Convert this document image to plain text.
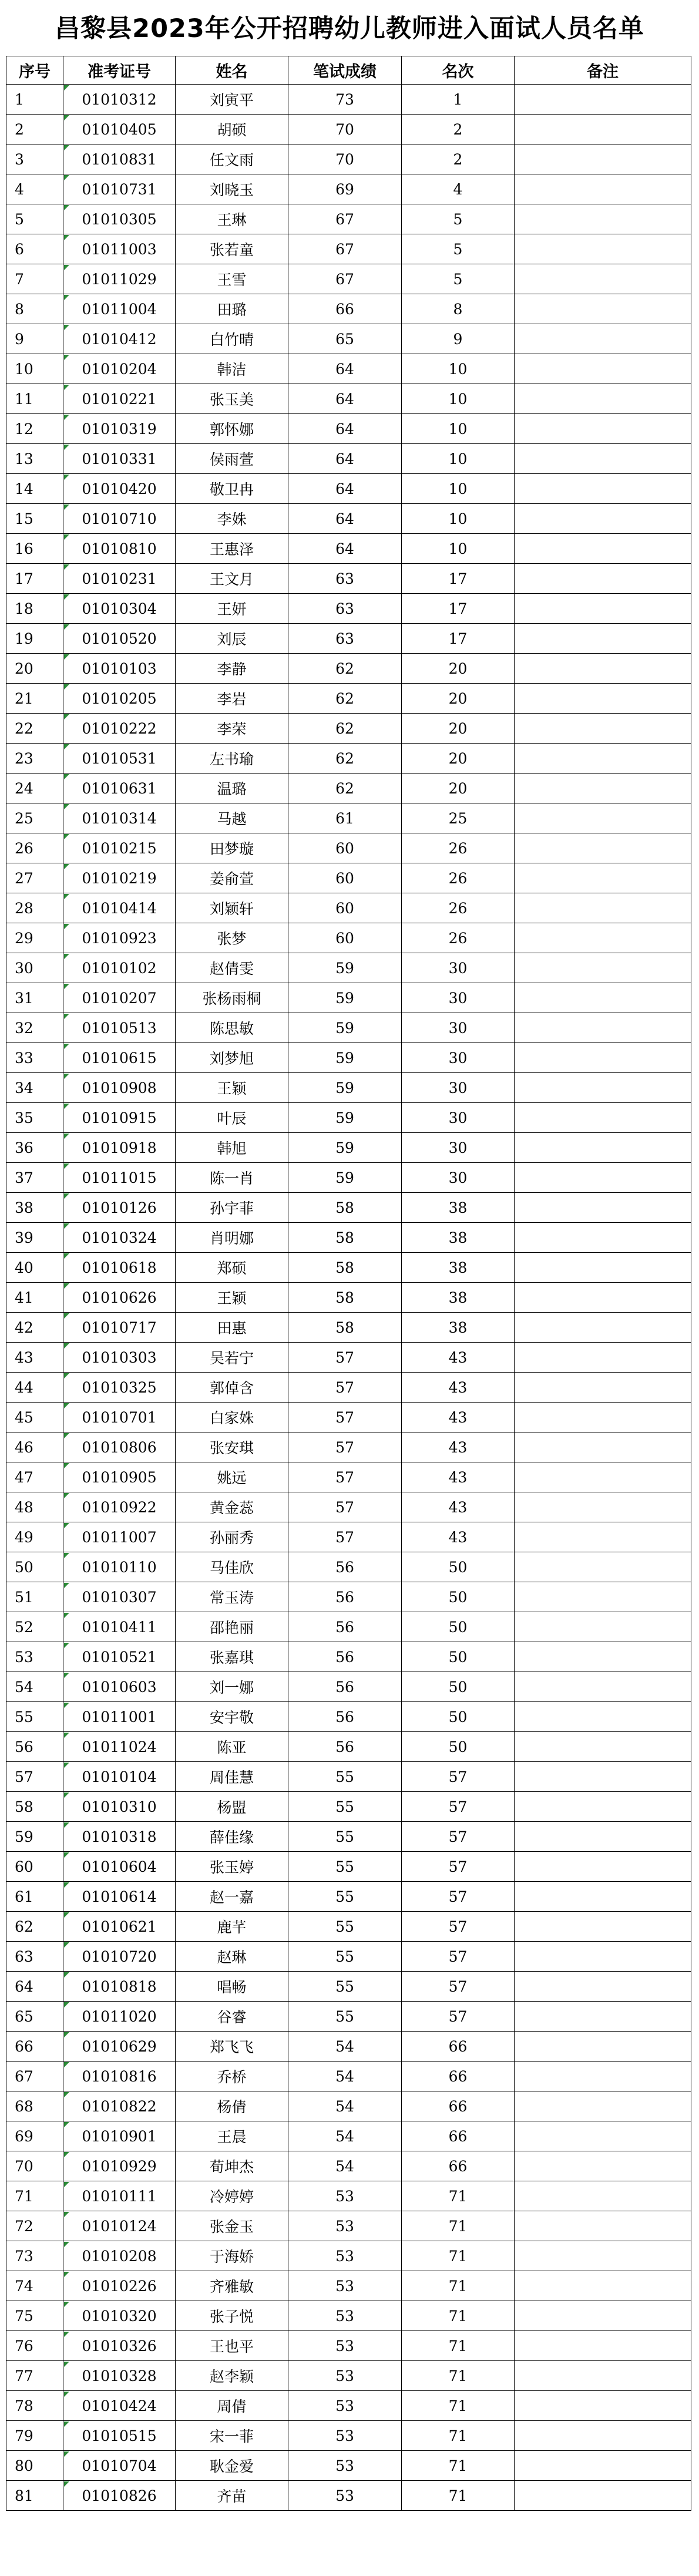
昌黎县2023年公开招聘幼儿教师进入面试人员名单
序号	准考证号	姓名	笔试成绩	名次	备注
1	01010312	刘寅平	73	1	
2	01010405	胡硕	70	2	
3	01010831	任文雨	70	2	
4	01010731	刘晓玉	69	4	
5	01010305	王琳	67	5	
6	01011003	张若童	67	5	
7	01011029	王雪	67	5	
8	01011004	田璐	66	8	
9	01010412	白竹晴	65	9	
10	01010204	韩洁	64	10	
11	01010221	张玉美	64	10	
12	01010319	郭怀娜	64	10	
13	01010331	侯雨萱	64	10	
14	01010420	敬卫冉	64	10	
15	01010710	李姝	64	10	
16	01010810	王惠泽	64	10	
17	01010231	王文月	63	17	
18	01010304	王妍	63	17	
19	01010520	刘辰	63	17	
20	01010103	李静	62	20	
21	01010205	李岩	62	20	
22	01010222	李荣	62	20	
23	01010531	左书瑜	62	20	
24	01010631	温璐	62	20	
25	01010314	马越	61	25	
26	01010215	田梦璇	60	26	
27	01010219	姜俞萱	60	26	
28	01010414	刘颖轩	60	26	
29	01010923	张梦	60	26	
30	01010102	赵倩雯	59	30	
31	01010207	张杨雨桐	59	30	
32	01010513	陈思敏	59	30	
33	01010615	刘梦旭	59	30	
34	01010908	王颖	59	30	
35	01010915	叶辰	59	30	
36	01010918	韩旭	59	30	
37	01011015	陈一肖	59	30	
38	01010126	孙宇菲	58	38	
39	01010324	肖明娜	58	38	
40	01010618	郑硕	58	38	
41	01010626	王颖	58	38	
42	01010717	田惠	58	38	
43	01010303	吴若宁	57	43	
44	01010325	郭倬含	57	43	
45	01010701	白家姝	57	43	
46	01010806	张安琪	57	43	
47	01010905	姚远	57	43	
48	01010922	黄金蕊	57	43	
49	01011007	孙丽秀	57	43	
50	01010110	马佳欣	56	50	
51	01010307	常玉涛	56	50	
52	01010411	邵艳丽	56	50	
53	01010521	张嘉琪	56	50	
54	01010603	刘一娜	56	50	
55	01011001	安宇敬	56	50	
56	01011024	陈亚	56	50	
57	01010104	周佳慧	55	57	
58	01010310	杨盟	55	57	
59	01010318	薛佳缘	55	57	
60	01010604	张玉婷	55	57	
61	01010614	赵一嘉	55	57	
62	01010621	鹿芊	55	57	
63	01010720	赵琳	55	57	
64	01010818	唱畅	55	57	
65	01011020	谷睿	55	57	
66	01010629	郑飞飞	54	66	
67	01010816	乔桥	54	66	
68	01010822	杨倩	54	66	
69	01010901	王晨	54	66	
70	01010929	荀坤杰	54	66	
71	01010111	冷婷婷	53	71	
72	01010124	张金玉	53	71	
73	01010208	于海娇	53	71	
74	01010226	齐雅敏	53	71	
75	01010320	张子悦	53	71	
76	01010326	王也平	53	71	
77	01010328	赵李颖	53	71	
78	01010424	周倩	53	71	
79	01010515	宋一菲	53	71	
80	01010704	耿金爱	53	71	
81	01010826	齐苗	53	71	
